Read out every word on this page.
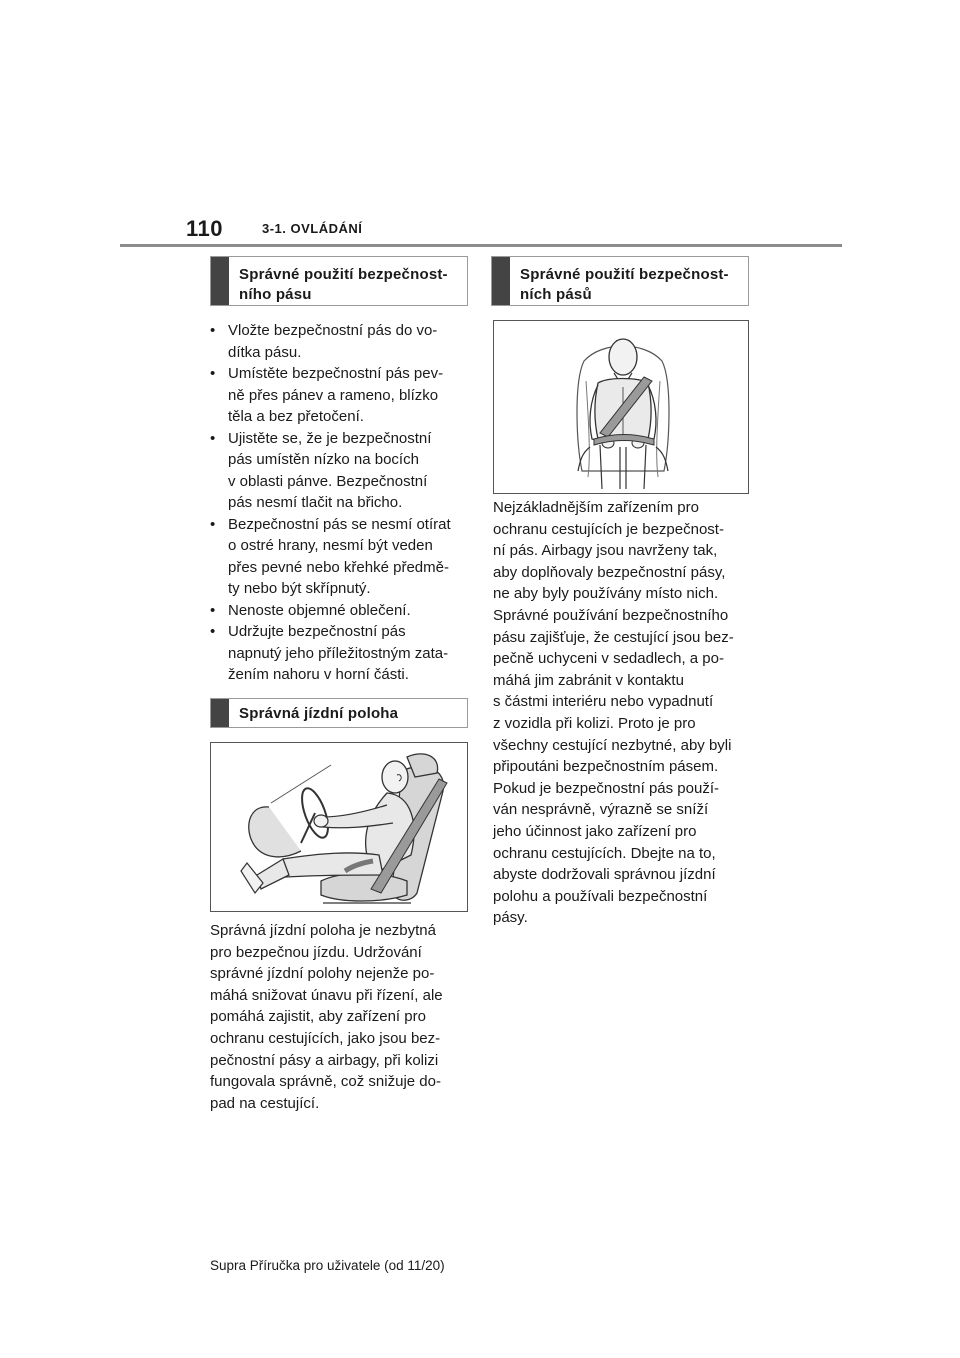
110	3-1. OVLÁDÁNÍ
Správné použití bezpečnost-
ního pásu
• Vložte bezpečnostní pás do vo-
dítka pásu.
• Umístěte bezpečnostní pás pev-
ně přes pánev a rameno, blízko
těla a bez přetočení.
• Ujistěte se, že je bezpečnostní
pás umístěn nízko na bocích
v oblasti pánve. Bezpečnostní
pás nesmí tlačit na břicho.
• Bezpečnostní pás se nesmí otírat
o ostré hrany, nesmí být veden
přes pevné nebo křehké předmě-
ty nebo být skřípnutý.
• Nenoste objemné oblečení.
• Udržujte bezpečnostní pás
napnutý jeho příležitostným zata-
žením nahoru v horní části.
Správná jízdní poloha

Správná jízdní poloha je nezbytná
pro bezpečnou jízdu. Udržování
správné jízdní polohy nejenže po-
máhá snižovat únavu při řízení, ale
pomáhá zajistit, aby zařízení pro
ochranu cestujících, jako jsou bez-
pečnostní pásy a airbagy, při kolizi
fungovala správně, což snižuje do-
pad na cestující.

Správné použití bezpečnost-
ních pásů

Nejzákladnějším zařízením pro
ochranu cestujících je bezpečnost-
ní pás. Airbagy jsou navrženy tak,
aby doplňovaly bezpečnostní pásy,
ne aby byly používány místo nich.
Správné používání bezpečnostního
pásu zajišťuje, že cestující jsou bez-
pečně uchyceni v sedadlech, a po-
máhá jim zabránit v kontaktu
s částmi interiéru nebo vypadnutí
z vozidla při kolizi. Proto je pro
všechny cestující nezbytné, aby byli
připoutáni bezpečnostním pásem.
Pokud je bezpečnostní pás použí-
ván nesprávně, výrazně se sníží
jeho účinnost jako zařízení pro
ochranu cestujících. Dbejte na to,
abyste dodržovali správnou jízdní
polohu a používali bezpečnostní
pásy.

Supra Příručka pro uživatele (od 11/20)
